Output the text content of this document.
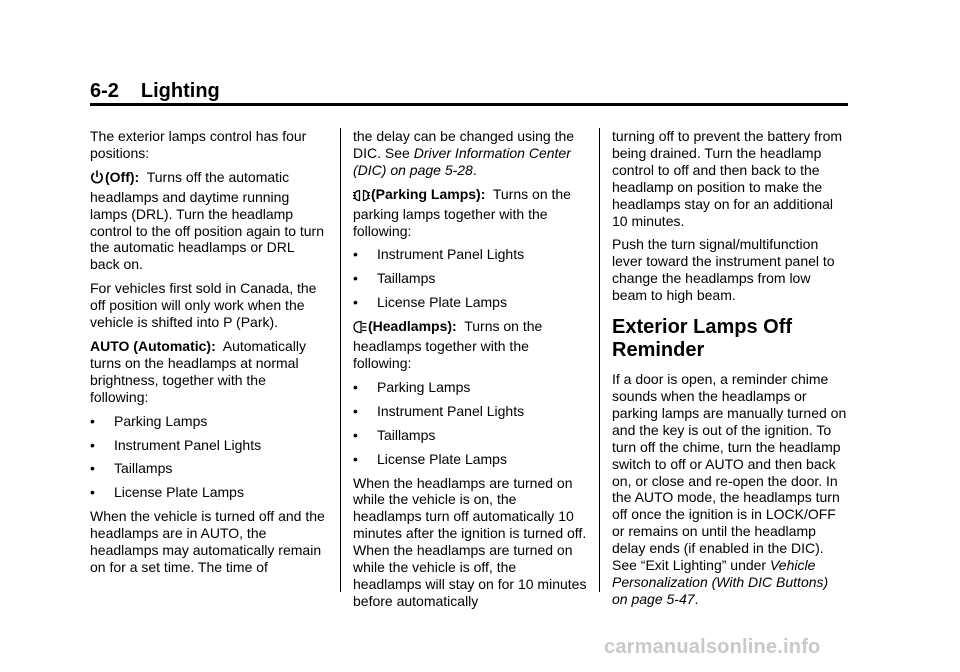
6-2 Lighting

The exterior lamps control has four positions:

(Off): Turns off the automatic headlamps and daytime running lamps (DRL). Turn the headlamp control to the off position again to turn the automatic headlamps or DRL back on.

For vehicles first sold in Canada, the off position will only work when the vehicle is shifted into P (Park).

AUTO (Automatic): Automatically turns on the headlamps at normal brightness, together with the following:

• Parking Lamps
• Instrument Panel Lights
• Taillamps
• License Plate Lamps

When the vehicle is turned off and the headlamps are in AUTO, the headlamps may automatically remain on for a set time. The time of

the delay can be changed using the DIC. See Driver Information Center (DIC) on page 5-28.

(Parking Lamps): Turns on the parking lamps together with the following:

• Instrument Panel Lights
• Taillamps
• License Plate Lamps

(Headlamps): Turns on the headlamps together with the following:

• Parking Lamps
• Instrument Panel Lights
• Taillamps
• License Plate Lamps

When the headlamps are turned on while the vehicle is on, the headlamps turn off automatically 10 minutes after the ignition is turned off. When the headlamps are turned on while the vehicle is off, the headlamps will stay on for 10 minutes before automatically

turning off to prevent the battery from being drained. Turn the headlamp control to off and then back to the headlamp on position to make the headlamps stay on for an additional 10 minutes.

Push the turn signal/multifunction lever toward the instrument panel to change the headlamps from low beam to high beam.

Exterior Lamps Off Reminder

If a door is open, a reminder chime sounds when the headlamps or parking lamps are manually turned on and the key is out of the ignition. To turn off the chime, turn the headlamp switch to off or AUTO and then back on, or close and re-open the door. In the AUTO mode, the headlamps turn off once the ignition is in LOCK/OFF or remains on until the headlamp delay ends (if enabled in the DIC). See “Exit Lighting” under Vehicle Personalization (With DIC Buttons) on page 5-47.

carmanualsonline.info
